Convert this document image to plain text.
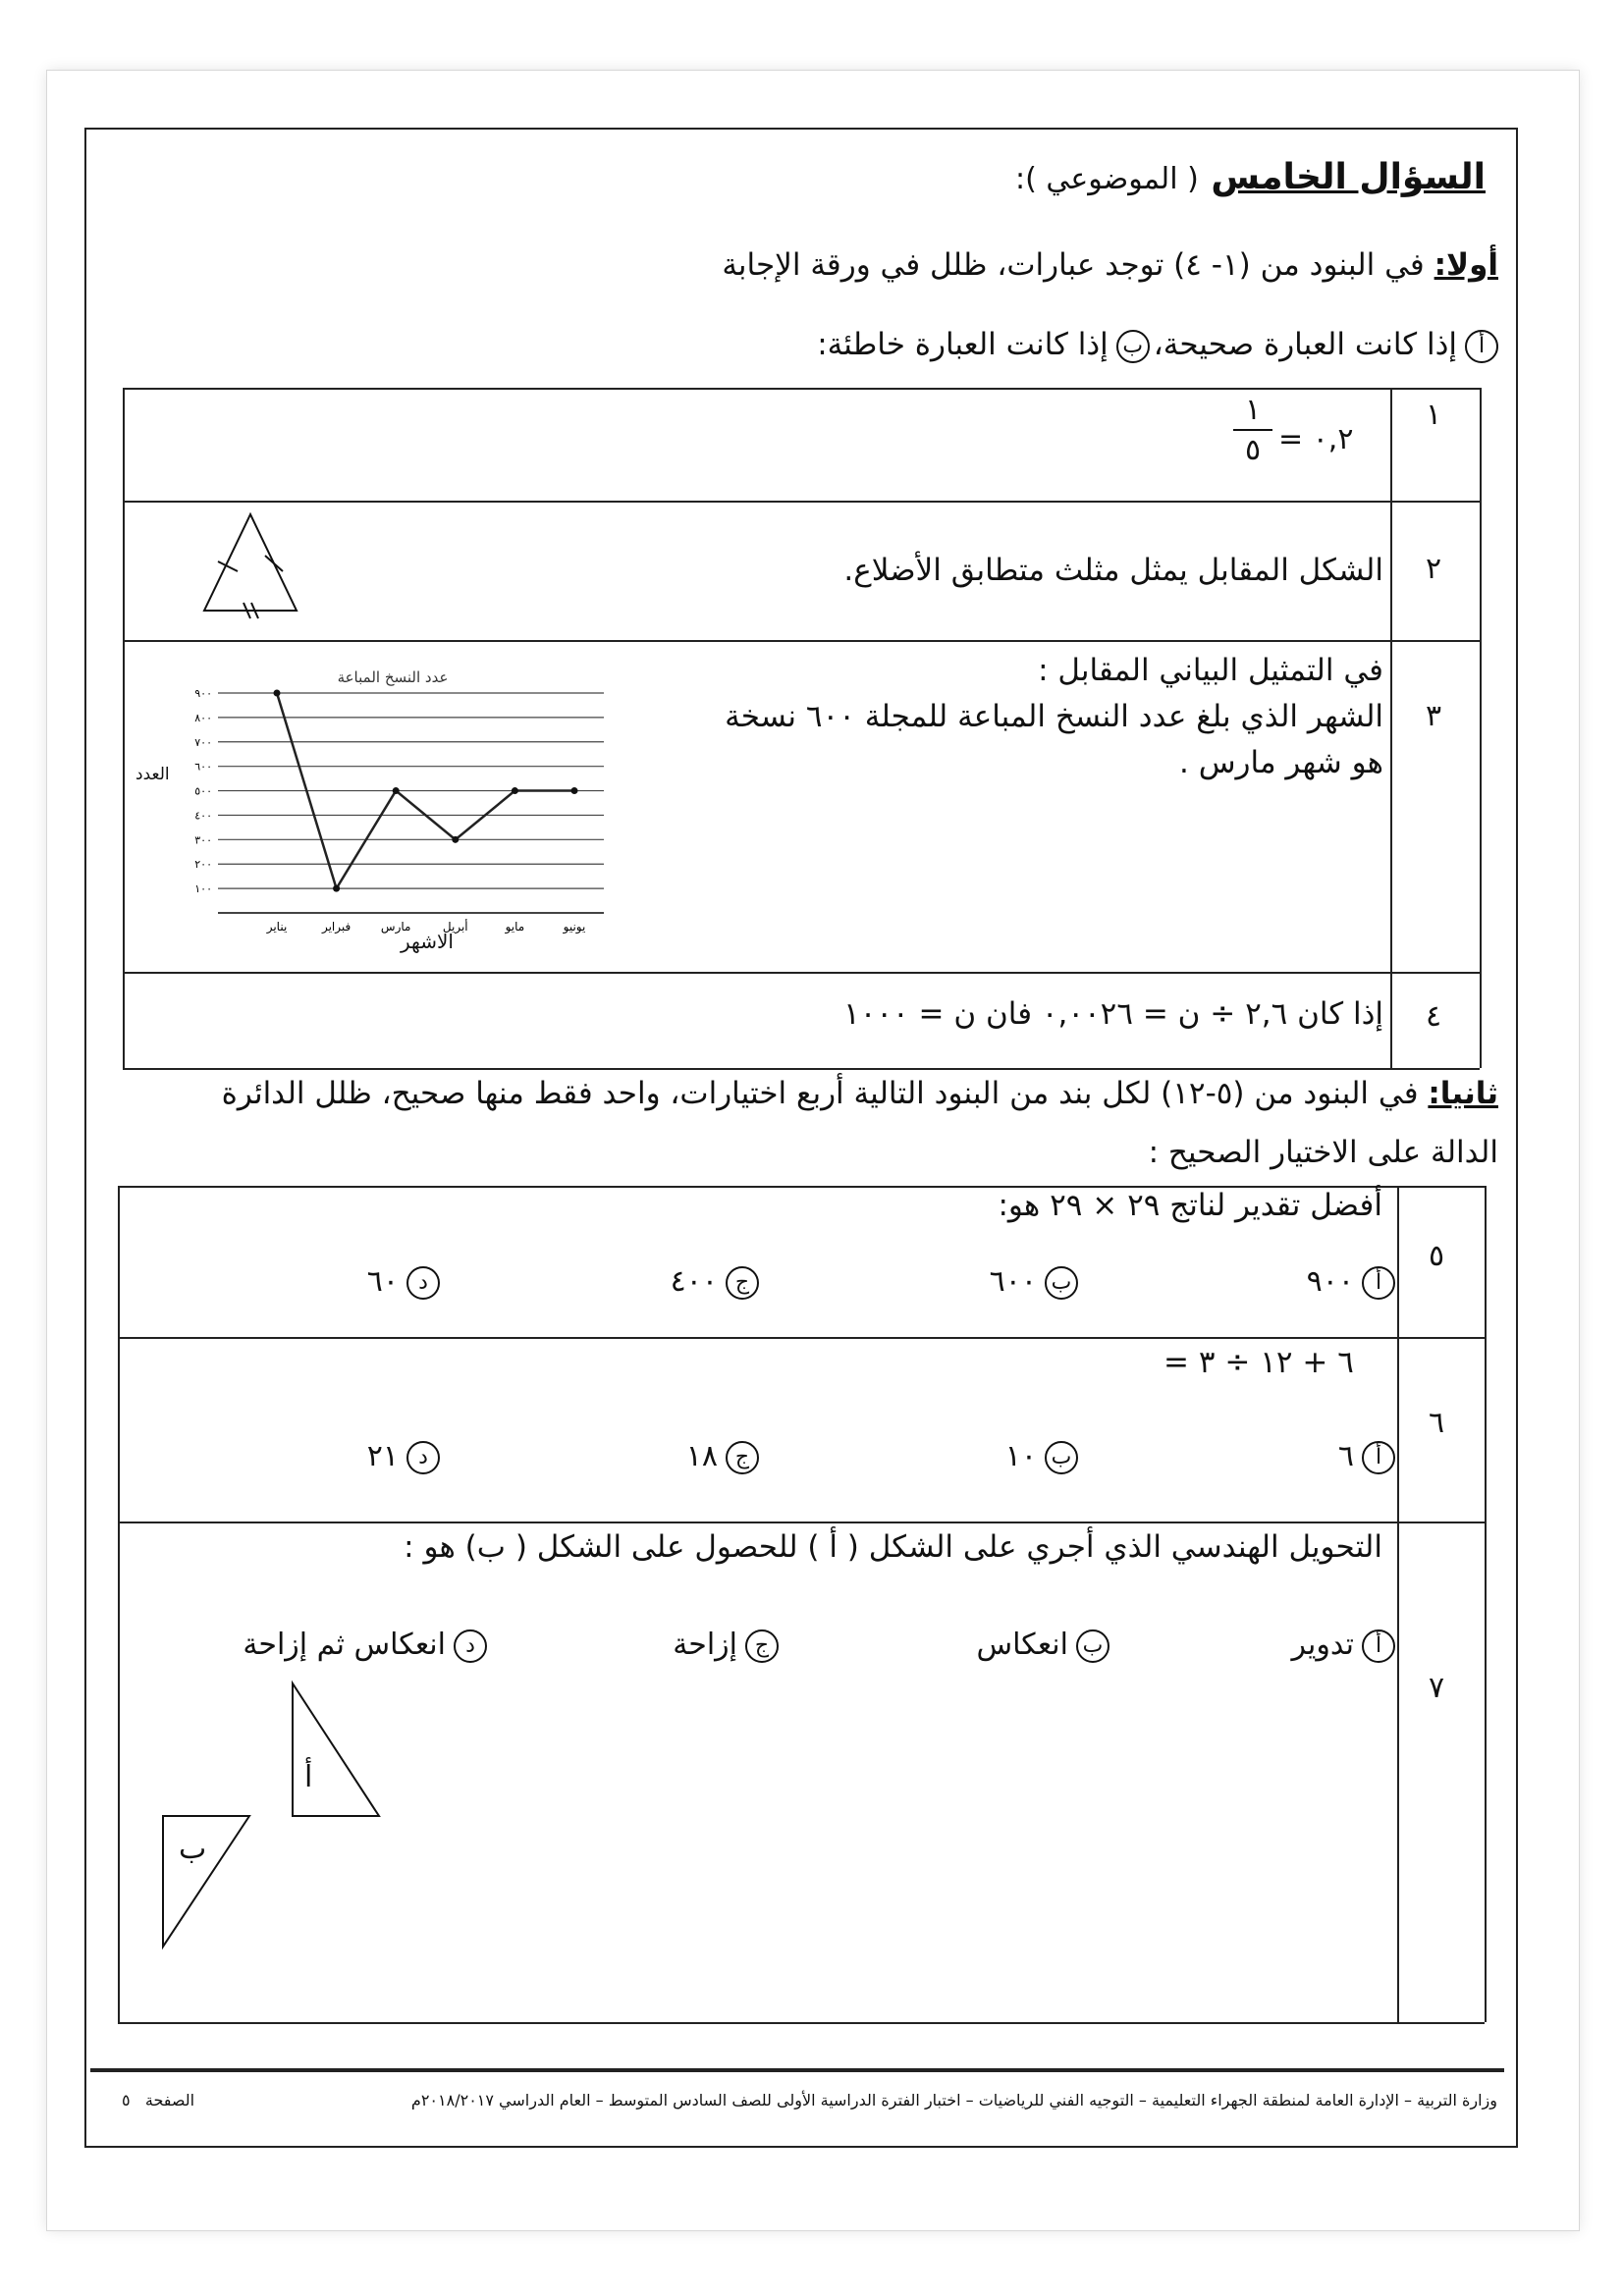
السؤال الخامس ( الموضوعي ):
أولا: في البنود من (١- ٤) توجد عبارات، ظلل في ورقة الإجابة
أإذا كانت العبارة صحيحة،بإذا كانت العبارة خاطئة:
١
١
٥ = ٠,٢
٢
الشكل المقابل يمثل مثلث متطابق الأضلاع.
٣
في التمثيل البياني المقابل :
الشهر الذي بلغ عدد النسخ المباعة للمجلة ٦٠٠ نسخة
هو شهر مارس .
عدد النسخ المباعة
١٠٠
٢٠٠
٣٠٠
٤٠٠
٥٠٠
٦٠٠
٧٠٠
٨٠٠
٩٠٠
يناير	فبراير	مارس	أبريل	مايو	يونيو
العدد
الاشهر
٤
إذا كان ٢,٦ ÷ ن = ٠,٠٠٢٦ فان ن = ١٠٠٠
ثانيا: في البنود من (٥-١٢) لكل بند من البنود التالية أربع اختيارات، واحد فقط منها صحيح، ظلل الدائرة
الدالة على الاختيار الصحيح :
٥
أفضل تقدير لناتج ٢٩ × ٢٩ هو:
أ٩٠٠
ب٦٠٠
ج٤٠٠
د٦٠
٦
٦ + ١٢ ÷ ٣ =
أ٦
ب١٠
ج١٨
د٢١
٧
التحويل الهندسي الذي أجري على الشكل ( أ ) للحصول على الشكل ( ب) هو :
أتدوير
بانعكاس
جإزاحة
دانعكاس ثم إزاحة
أ
ب
وزارة التربية – الإدارة العامة لمنطقة الجهراء التعليمية – التوجيه الفني للرياضيات – اختبار الفترة الدراسية الأولى للصف السادس المتوسط – العام الدراسي ٢٠١٨/٢٠١٧م
الصفحة   ٥
